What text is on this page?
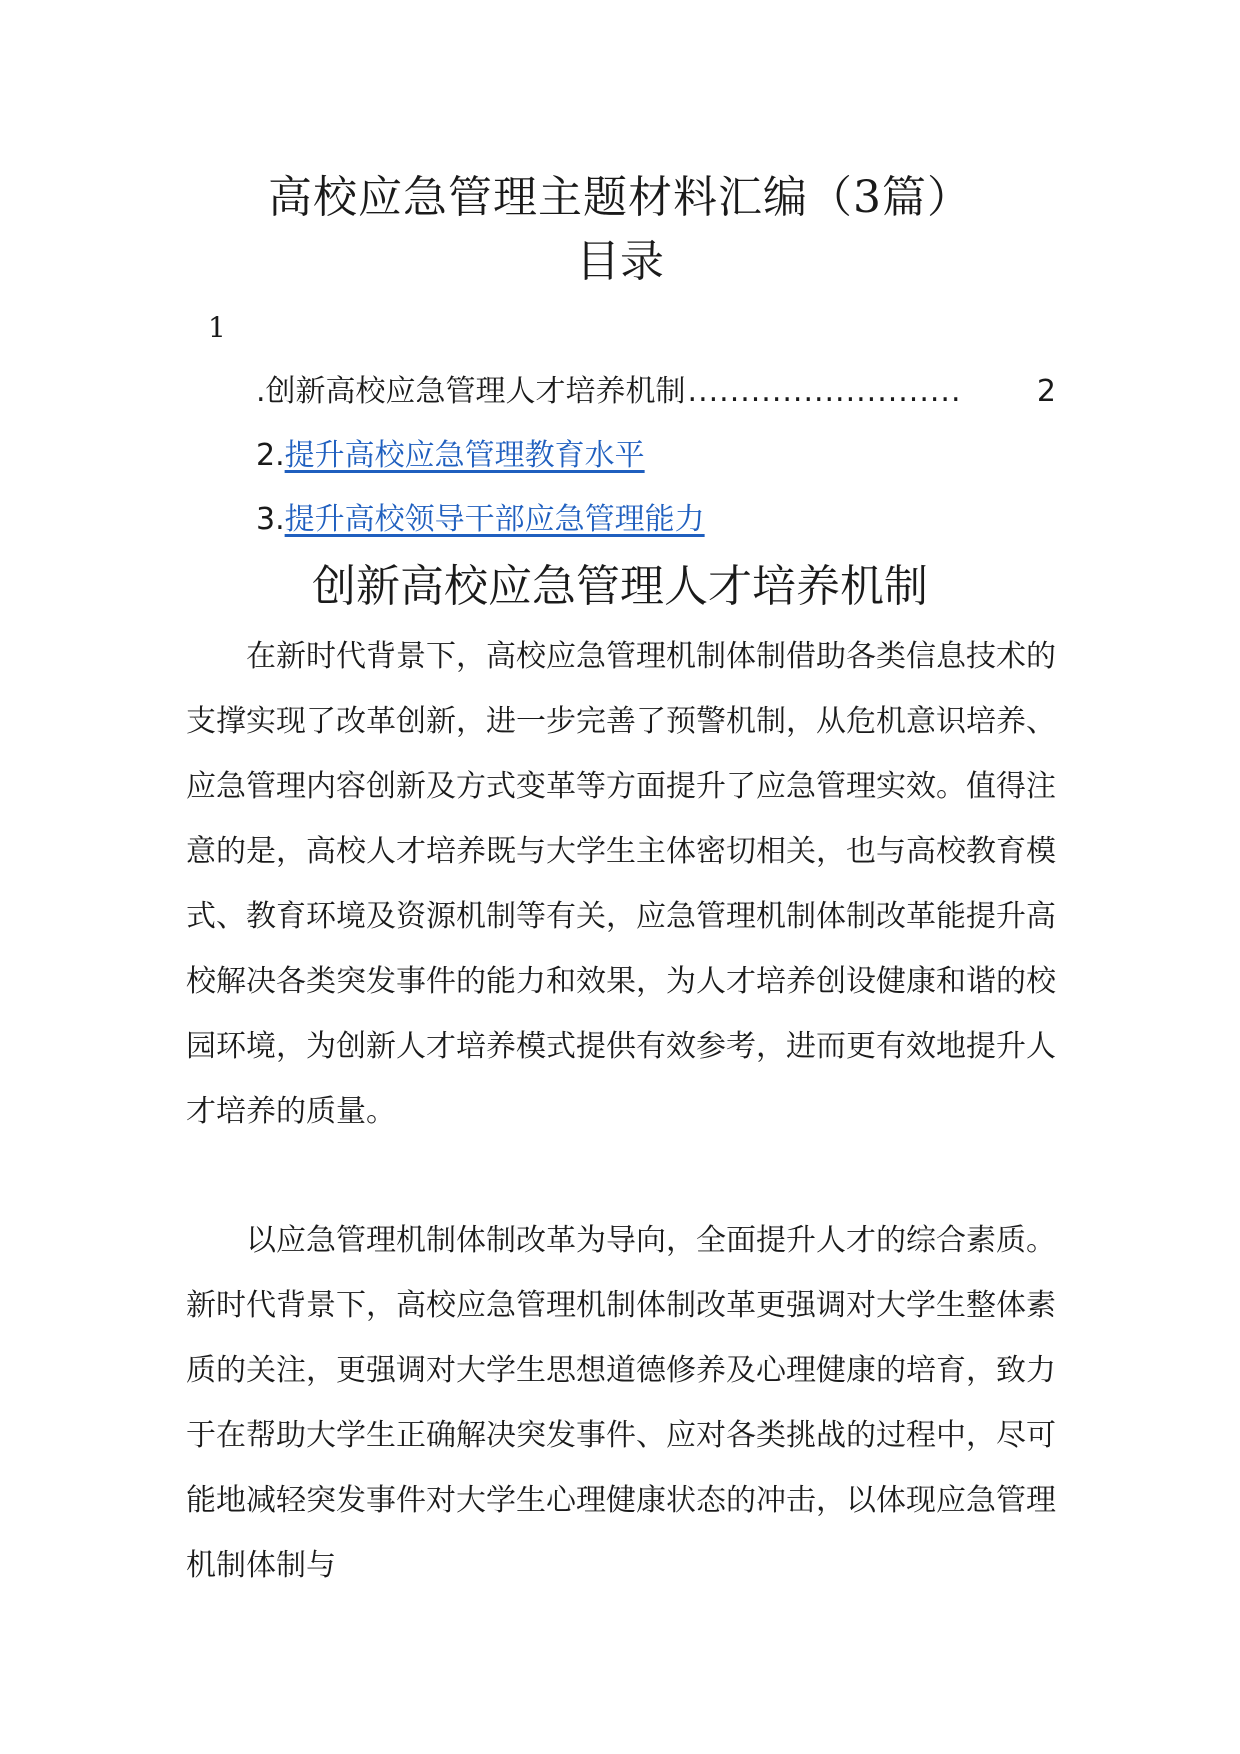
高校应急管理主题材料汇编（3篇）
目录
1
. 创新高校应急管理人才培养机制 ..........................	2
2. 提升高校应急管理教育水平
3. 提升高校领导干部应急管理能力
创新高校应急管理人才培养机制

在新时代背景下，高校应急管理机制体制借助各类信息技术的支撑实现了改革创新，进一步完善了预警机制，从危机意识培养、应急管理内容创新及方式变革等方面提升了应急管理实效。值得注意的是，高校人才培养既与大学生主体密切相关，也与高校教育模式、教育环境及资源机制等有关，应急管理机制体制改革能提升高校解决各类突发事件的能力和效果，为人才培养创设健康和谐的校园环境，为创新人才培养模式提供有效参考，进而更有效地提升人才培养的质量。

以应急管理机制体制改革为导向，全面提升人才的综合素质。新时代背景下，高校应急管理机制体制改革更强调对大学生整体素质的关注，更强调对大学生思想道德修养及心理健康的培育，致力于在帮助大学生正确解决突发事件、应对各类挑战的过程中，尽可能地减轻突发事件对大学生心理健康状态的冲击，以体现应急管理机制体制与
